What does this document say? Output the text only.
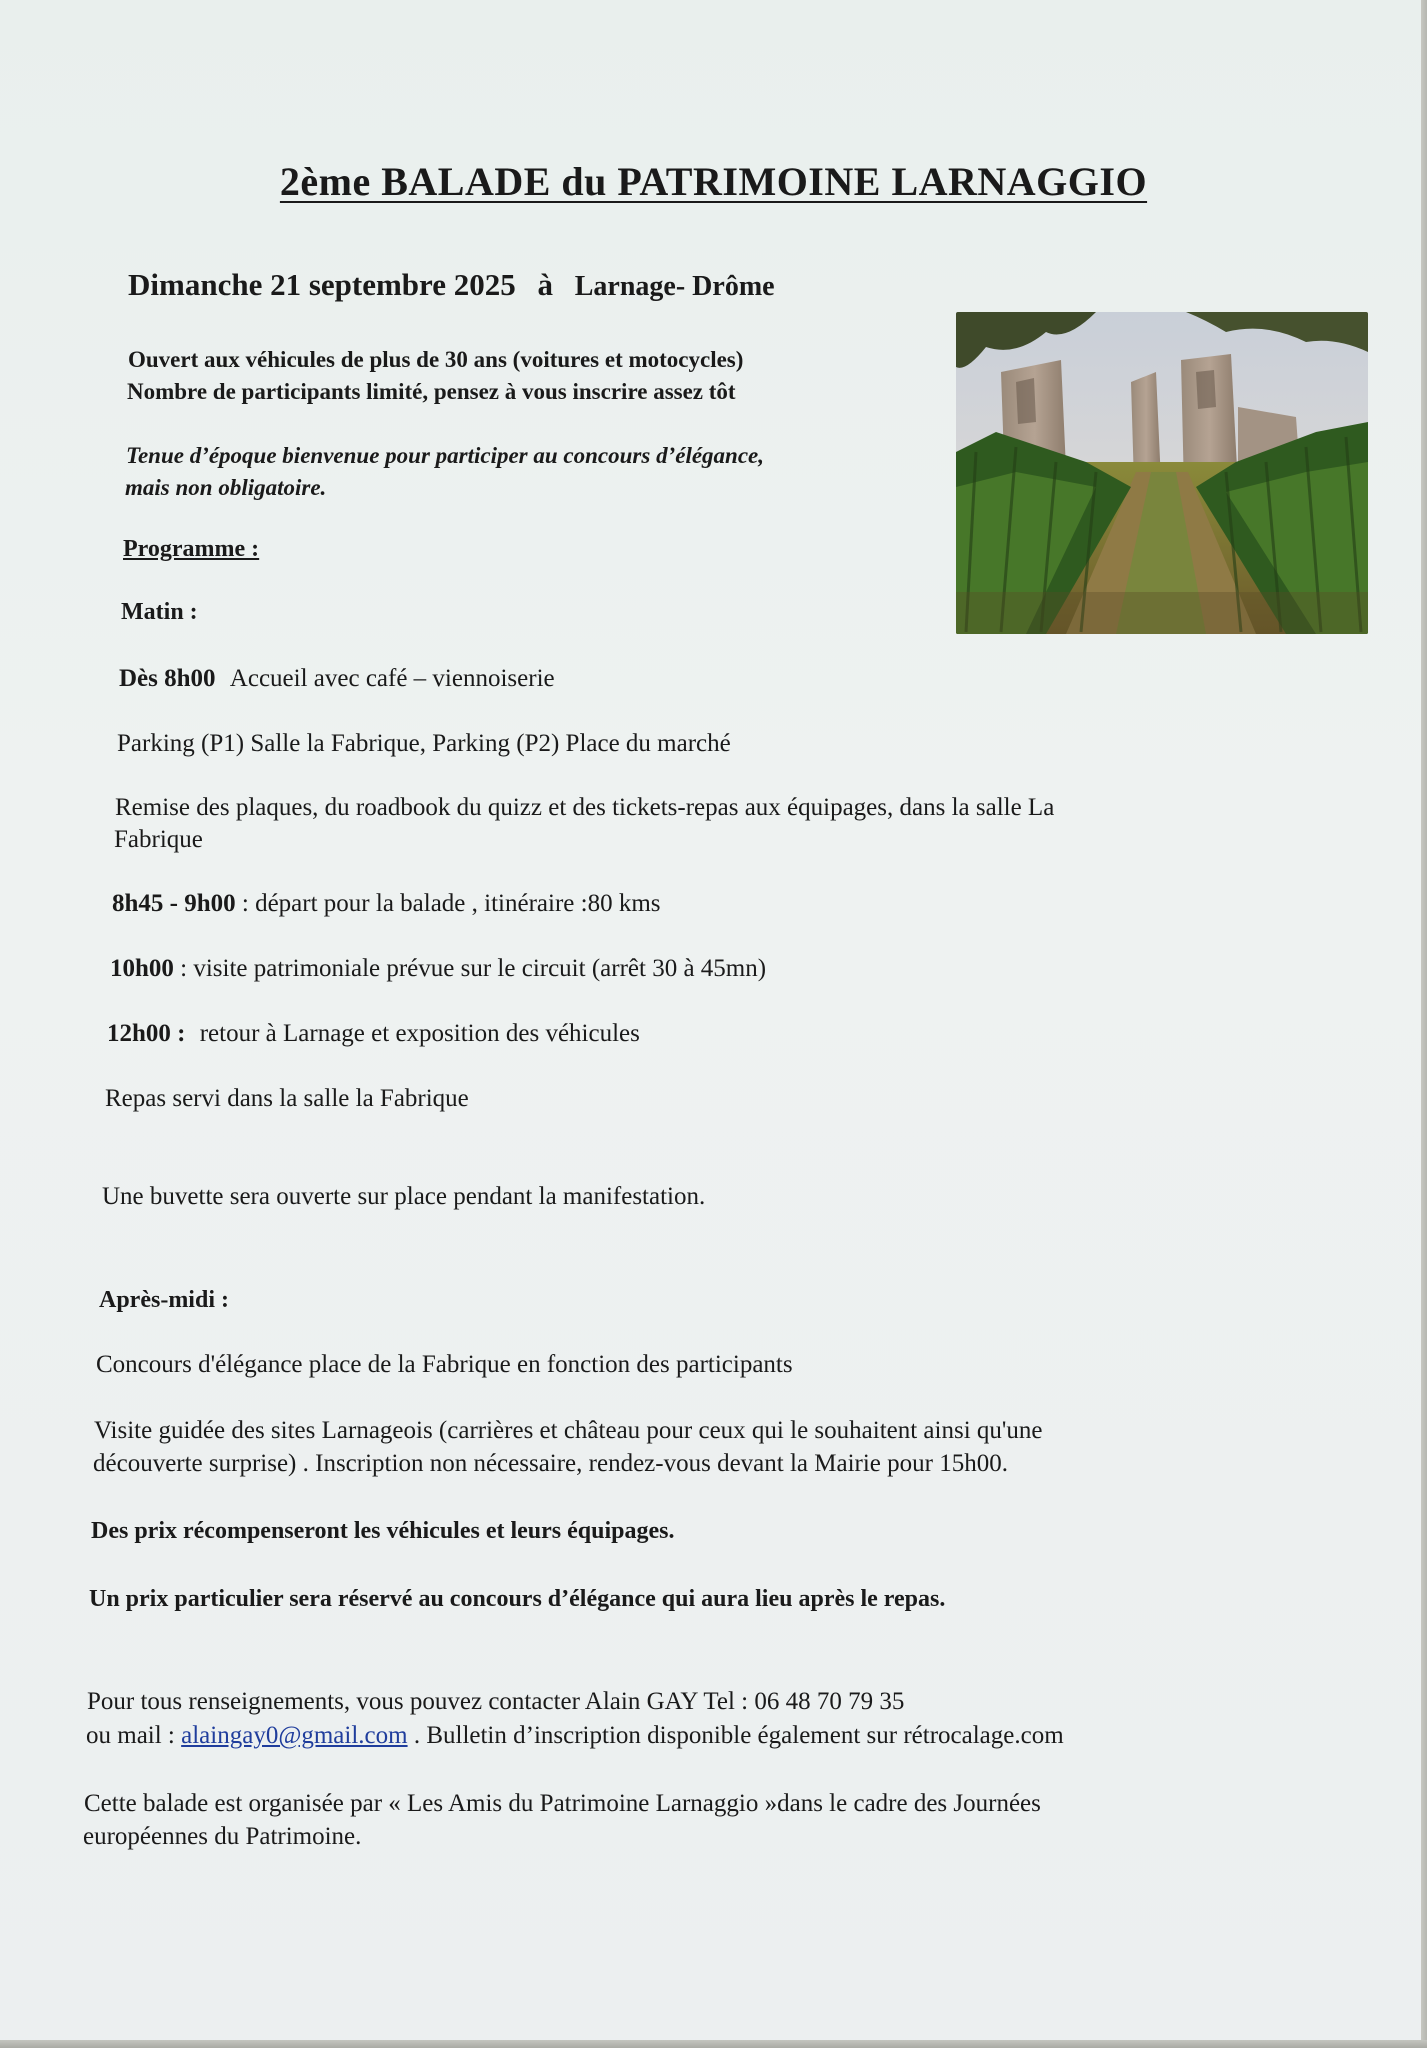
2ème BALADE du PATRIMOINE LARNAGGIO
Dimanche 21 septembre 2025 à Larnage- Drôme
Ouvert aux véhicules de plus de 30 ans (voitures et motocycles)
Nombre de participants limité, pensez à vous inscrire assez tôt
Tenue d’époque bienvenue pour participer au concours d’élégance,
mais non obligatoire.
Programme :
Matin :
Dès 8h00 Accueil avec café – viennoiserie
Parking (P1) Salle la Fabrique, Parking (P2) Place du marché
Remise des plaques, du roadbook du quizz et des tickets-repas aux équipages, dans la salle La
Fabrique
8h45 - 9h00 : départ pour la balade , itinéraire :80 kms
10h00 : visite patrimoniale prévue sur le circuit (arrêt 30 à 45mn)
12h00 : retour à Larnage et exposition des véhicules
Repas servi dans la salle la Fabrique
Une buvette sera ouverte sur place pendant la manifestation.
Après-midi :
Concours d'élégance place de la Fabrique en fonction des participants
Visite guidée des sites Larnageois (carrières et château pour ceux qui le souhaitent ainsi qu'une
découverte surprise) . Inscription non nécessaire, rendez-vous devant la Mairie pour 15h00.
Des prix récompenseront les véhicules et leurs équipages.
Un prix particulier sera réservé au concours d’élégance qui aura lieu après le repas.
Pour tous renseignements, vous pouvez contacter Alain GAY Tel : 06 48 70 79 35
ou mail : alaingay0@gmail.com . Bulletin d’inscription disponible également sur rétrocalage.com
Cette balade est organisée par « Les Amis du Patrimoine Larnaggio »dans le cadre des Journées
européennes du Patrimoine.
